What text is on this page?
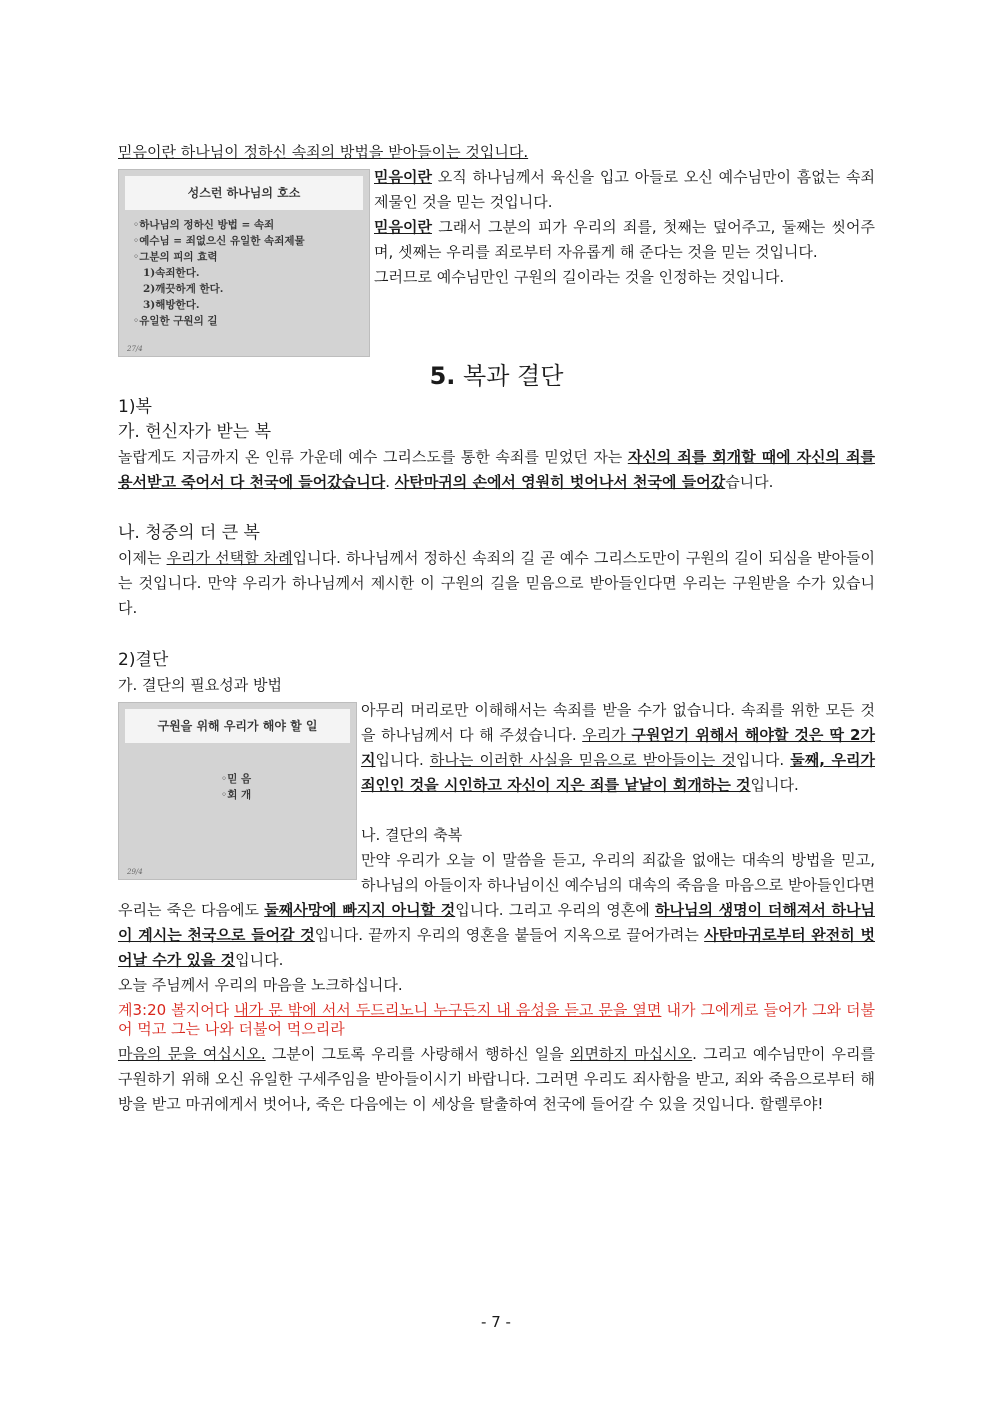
믿음이란 하나님이 정하신 속죄의 방법을 받아들이는 것입니다.

성스런 하나님의 호소
◦하나님의 정하신 방법 = 속죄
◦예수님 = 죄없으신 유일한 속죄제물
◦그분의 피의 효력
1)속죄한다.
2)깨끗하게 한다.
3)해방한다.
◦유일한 구원의 길
27/4

믿음이란 오직 하나님께서 육신을 입고 아들로 오신 예수님만이 흠없는 속죄제물인 것을 믿는 것입니다.

믿음이란 그래서 그분의 피가 우리의 죄를, 첫째는 덮어주고, 둘째는 씻어주며, 셋째는 우리를 죄로부터 자유롭게 해 준다는 것을 믿는 것입니다.

그러므로 예수님만인 구원의 길이라는 것을 인정하는 것입니다.

5. 복과 결단

1)복

가. 헌신자가 받는 복

놀랍게도 지금까지 온 인류 가운데 예수 그리스도를 통한 속죄를 믿었던 자는 자신의 죄를 회개할 때에 자신의 죄를 용서받고 죽어서 다 천국에 들어갔습니다. 사탄마귀의 손에서 영원히 벗어나서 천국에 들어갔습니다.

나. 청중의 더 큰 복

이제는 우리가 선택할 차례입니다. 하나님께서 정하신 속죄의 길 곧 예수 그리스도만이 구원의 길이 되심을 받아들이는 것입니다. 만약 우리가 하나님께서 제시한 이 구원의 길을 믿음으로 받아들인다면 우리는 구원받을 수가 있습니다.

2)결단

가. 결단의 필요성과 방법

구원을 위해 우리가 해야 할 일
◦믿 음
◦회 개
29/4

아무리 머리로만 이해해서는 속죄를 받을 수가 없습니다. 속죄를 위한 모든 것을 하나님께서 다 해 주셨습니다. 우리가 구원얻기 위해서 해야할 것은 딱 2가지입니다. 하나는 이러한 사실을 믿음으로 받아들이는 것입니다. 둘째, 우리가 죄인인 것을 시인하고 자신이 지은 죄를 낱낱이 회개하는 것입니다.

나. 결단의 축복

만약 우리가 오늘 이 말씀을 듣고, 우리의 죄값을 없애는 대속의 방법을 믿고, 하나님의 아들이자 하나님이신 예수님의 대속의 죽음을 마음으로 받아들인다면 우리는 죽은 다음에도 둘째사망에 빠지지 아니할 것입니다. 그리고 우리의 영혼에 하나님의 생명이 더해져서 하나님이 계시는 천국으로 들어갈 것입니다. 끝까지 우리의 영혼을 붙들어 지옥으로 끌어가려는 사탄마귀로부터 완전히 벗어날 수가 있을 것입니다.

오늘 주님께서 우리의 마음을 노크하십니다.

계3:20 볼지어다 내가 문 밖에 서서 두드리노니 누구든지 내 음성을 듣고 문을 열면 내가 그에게로 들어가 그와 더불어 먹고 그는 나와 더불어 먹으리라

마음의 문을 여십시오. 그분이 그토록 우리를 사랑해서 행하신 일을 외면하지 마십시오. 그리고 예수님만이 우리를 구원하기 위해 오신 유일한 구세주임을 받아들이시기 바랍니다. 그러면 우리도 죄사함을 받고, 죄와 죽음으로부터 해방을 받고 마귀에게서 벗어나, 죽은 다음에는 이 세상을 탈출하여 천국에 들어갈 수 있을 것입니다. 할렐루야!

- 7 -
